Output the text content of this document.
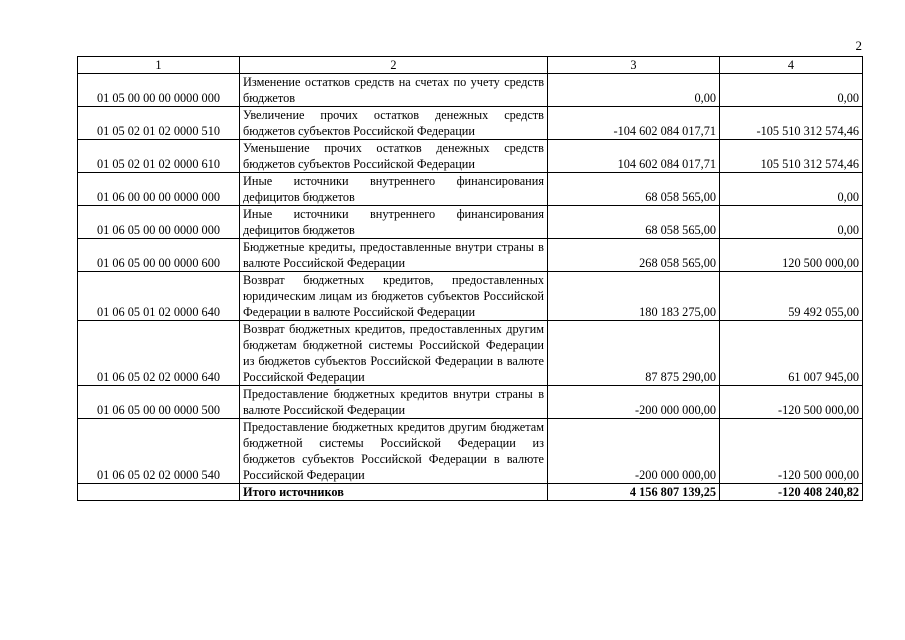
2
1	2	3	4
01 05 00 00 00 0000 000	Изменение остатков средств на счетах по учету средств бюджетов	0,00	0,00
01 05 02 01 02 0000 510	Увеличение прочих остатков денежных средств бюджетов субъектов Российской Федерации	-104 602 084 017,71	-105 510 312 574,46
01 05 02 01 02 0000 610	Уменьшение прочих остатков денежных средств бюджетов субъектов Российской Федерации	104 602 084 017,71	105 510 312 574,46
01 06 00 00 00 0000 000	Иные источники внутреннего финансирования дефицитов бюджетов	68 058 565,00	0,00
01 06 05 00 00 0000 000	Иные источники внутреннего финансирования дефицитов бюджетов	68 058 565,00	0,00
01 06 05 00 00 0000 600	Бюджетные кредиты, предоставленные внутри страны в валюте Российской Федерации	268 058 565,00	120 500 000,00
01 06 05 01 02 0000 640	Возврат бюджетных кредитов, предоставленных юридическим лицам из бюджетов субъектов Российской Федерации в валюте Российской Федерации	180 183 275,00	59 492 055,00
01 06 05 02 02 0000 640	Возврат бюджетных кредитов, предоставленных другим бюджетам бюджетной системы Российской Федерации из бюджетов субъектов Российской Федерации в валюте Российской Федерации	87 875 290,00	61 007 945,00
01 06 05 00 00 0000 500	Предоставление бюджетных кредитов внутри страны в валюте Российской Федерации	-200 000 000,00	-120 500 000,00
01 06 05 02 02 0000 540	Предоставление бюджетных кредитов другим бюджетам бюджетной системы Российской Федерации из бюджетов субъектов Российской Федерации в валюте Российской Федерации	-200 000 000,00	-120 500 000,00
	Итого источников	4 156 807 139,25	-120 408 240,82
